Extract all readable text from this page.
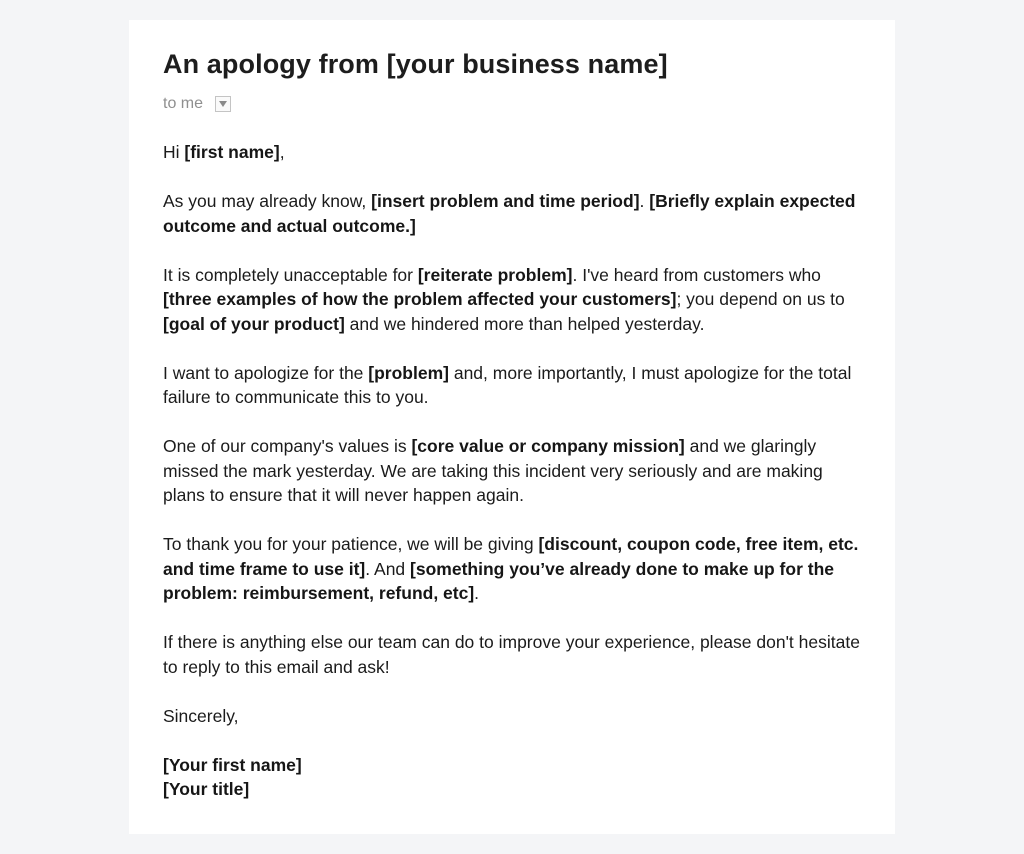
An apology from [your business name]
to me

Hi [first name],

As you may already know, [insert problem and time period]. [Briefly explain expected outcome and actual outcome.]

It is completely unacceptable for [reiterate problem]. I've heard from customers who [three examples of how the problem affected your customers]; you depend on us to [goal of your product] and we hindered more than helped yesterday.

I want to apologize for the [problem] and, more importantly, I must apologize for the total failure to communicate this to you.

One of our company's values is [core value or company mission] and we glaringly missed the mark yesterday. We are taking this incident very seriously and are making plans to ensure that it will never happen again.

To thank you for your patience, we will be giving [discount, coupon code, free item, etc. and time frame to use it]. And [something you’ve already done to make up for the problem: reimbursement, refund, etc].

If there is anything else our team can do to improve your experience, please don't hesitate to reply to this email and ask!

Sincerely,

[Your first name]

[Your title]
